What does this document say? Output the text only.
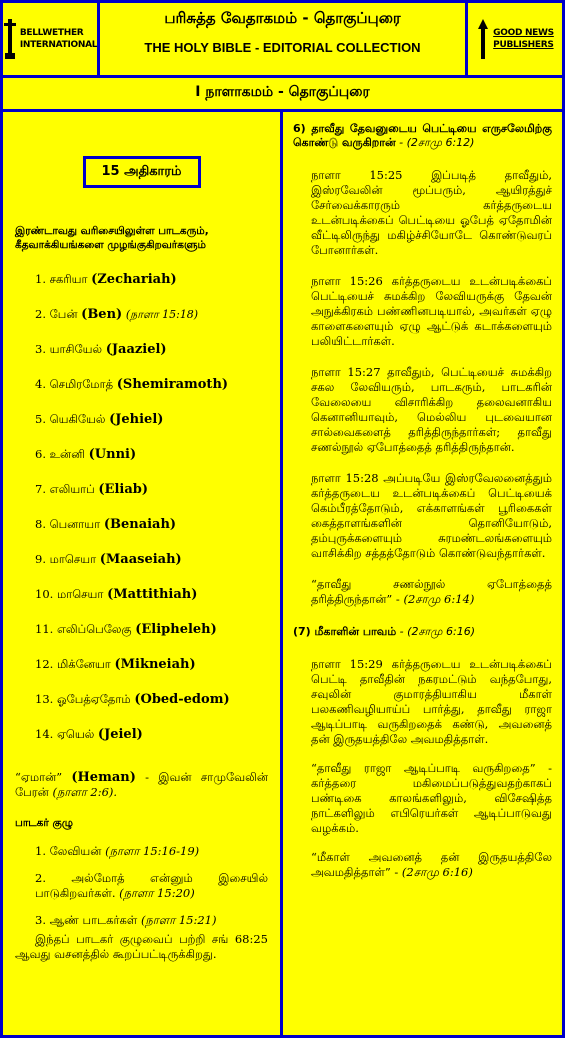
BELLWETHER
INTERNATIONAL
பரிசுத்த வேதாகமம் - தொகுப்புரை
THE HOLY BIBLE - EDITORIAL COLLECTION
GOOD NEWS
PUBLISHERS
I நாளாகமம் - தொகுப்புரை
15 அதிகாரம்
இரண்டாவது வரிசையிலுள்ள பாடகரும், கீதவாக்கியங்களை முழங்குகிறவர்களும்
1. சகரியா (Zechariah)
2. பேன் (Ben) (நாளா 15:18)
3. யாசியேல் (Jaaziel)
4. செமிரமோத் (Shemiramoth)
5. யெகியேல் (Jehiel)
6. உன்னி (Unni)
7. எலியாப் (Eliab)
8. பெனாயா (Benaiah)
9. மாசெயா (Maaseiah)
10. மாசெயா (Mattithiah)
11. எலிப்பெலேகு (Elipheleh)
12. மிக்னேயா (Mikneiah)
13. ஓபேத்ஏதோம் (Obed-edom)
14. ஏயெல் (Jeiel)

“ஏமான்” (Heman) - இவன் சாமுவேலின் பேரன் (நாளா 2:6).

பாடகர் குழு

1. லேவியன் (நாளா 15:16-19)

2. அல்மோத் என்னும் இசையில் பாடுகிறவர்கள். (நாளா 15:20)

3. ஆண் பாடகர்கள் (நாளா 15:21)

இந்தப் பாடகர் குழுவைப் பற்றி சங் 68:25 ஆவது வசனத்தில் கூறப்பட்டிருக்கிறது.

6) தாவீது தேவனுடைய பெட்டியை எருசலேமிற்கு கொண்டு வருகிறான் - (2சாமு 6:12)

நாளா 15:25 இப்படித் தாவீதும், இஸ்ரவேலின் மூப்பரும், ஆயிரத்துச் சேர்வைக்காரரும் கர்த்தருடைய உடன்படிக்கைப் பெட்டியை ஓபேத் ஏதோமின் வீட்டிலிருந்து மகிழ்ச்சியோடே கொண்டுவரப் போனார்கள்.

நாளா 15:26 கர்த்தருடைய உடன்படிக்கைப் பெட்டியைச் சுமக்கிற லேவியருக்கு தேவன் அநுக்கிரகம் பண்ணினபடியால், அவர்கள் ஏழு காளைகளையும் ஏழு ஆட்டுக் கடாக்களையும் பலியிட்டார்கள்.

நாளா 15:27 தாவீதும், பெட்டியைச் சுமக்கிற சகல லேவியரும், பாடகரும், பாடகரின் வேலையை விசாரிக்கிற தலைவனாகிய கெனானியாவும், மெல்லிய புடவையான சால்வைகளைத் தரித்திருந்தார்கள்; தாவீது சணல்நூல் ஏபோத்தைத் தரித்திருந்தான்.

நாளா 15:28 அப்படியே இஸ்ரவேலனைத்தும் கர்த்தருடைய உடன்படிக்கைப் பெட்டியைக் கெம்பீரத்தோடும், எக்காளங்கள் பூரிகைகள் கைத்தாளங்களின் தொனியோடும், தம்புருக்களையும் சுரமண்டலங்களையும் வாசிக்கிற சத்தத்தோடும் கொண்டுவந்தார்கள்.

“தாவீது சணல்நூல் ஏபோத்தைத் தரித்திருந்தான்” - (2சாமு 6:14)

(7) மீகாளின் பாவம் - (2சாமு 6:16)

நாளா 15:29 கர்த்தருடைய உடன்படிக்கைப் பெட்டி தாவீதின் நகரமட்டும் வந்தபோது, சவுலின் குமாரத்தியாகிய மீகாள் பலகணிவழியாய்ப் பார்த்து, தாவீது ராஜா ஆடிப்பாடி வருகிறதைக் கண்டு, அவனைத் தன் இருதயத்திலே அவமதித்தாள்.

“தாவீது ராஜா ஆடிப்பாடி வருகிறதை” - கர்த்தரை மகிமைப்படுத்துவதற்காகப் பண்டிகை காலங்களிலும், விசேஷித்த நாட்களிலும் எபிரெயர்கள் ஆடிப்பாடுவது வழக்கம்.

“மீகாள் அவனைத் தன் இருதயத்திலே அவமதித்தாள்” - (2சாமு 6:16)
